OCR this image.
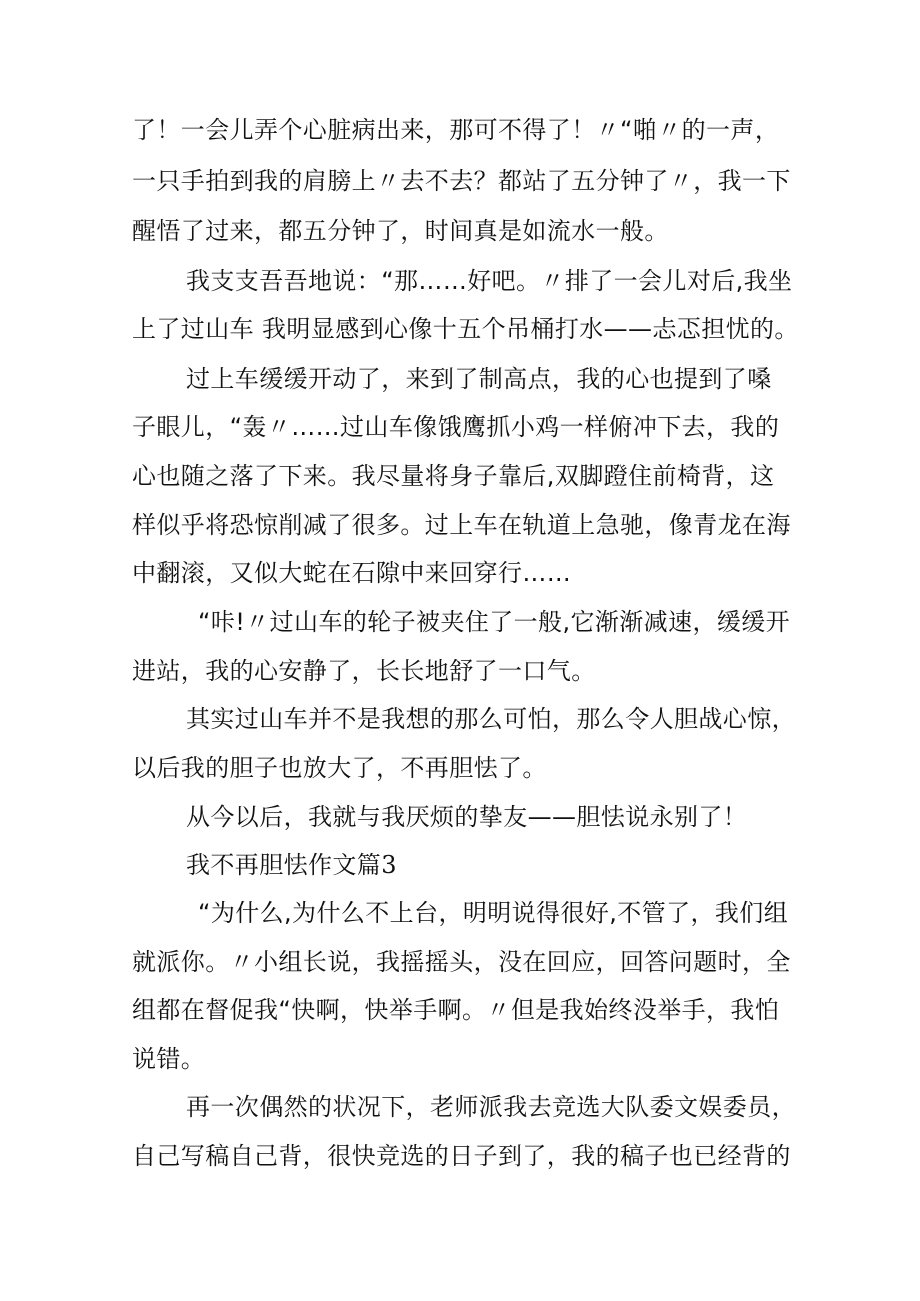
了！一会儿弄个心脏病出来，那可不得了！〃“啪〃的一声，
一只手拍到我的肩膀上〃去不去？都站了五分钟了〃，我一下
醒悟了过来，都五分钟了，时间真是如流水一般。
我支支吾吾地说：“那……好吧。〃排了一会儿对后,我坐
上了过山车 我明显感到心像十五个吊桶打水——忐忑担忧的。
过上车缓缓开动了，来到了制高点，我的心也提到了嗓
子眼儿，“轰〃……过山车像饿鹰抓小鸡一样俯冲下去，我的
心也随之落了下来。我尽量将身子靠后,双脚蹬住前椅背，这
样似乎将恐惊削减了很多。过上车在轨道上急驰，像青龙在海
中翻滚，又似大蛇在石隙中来回穿行……
“咔!〃过山车的轮子被夹住了一般,它渐渐减速，缓缓开
进站，我的心安静了，长长地舒了一口气。
其实过山车并不是我想的那么可怕，那么令人胆战心惊，
以后我的胆子也放大了，不再胆怯了。
从今以后，我就与我厌烦的挚友——胆怯说永别了！
我不再胆怯作文篇3
“为什么,为什么不上台，明明说得很好,不管了，我们组
就派你。〃小组长说，我摇摇头，没在回应，回答问题时，全
组都在督促我“快啊，快举手啊。〃但是我始终没举手，我怕
说错。
再一次偶然的状况下，老师派我去竞选大队委文娱委员，
自己写稿自己背，很快竞选的日子到了，我的稿子也已经背的
